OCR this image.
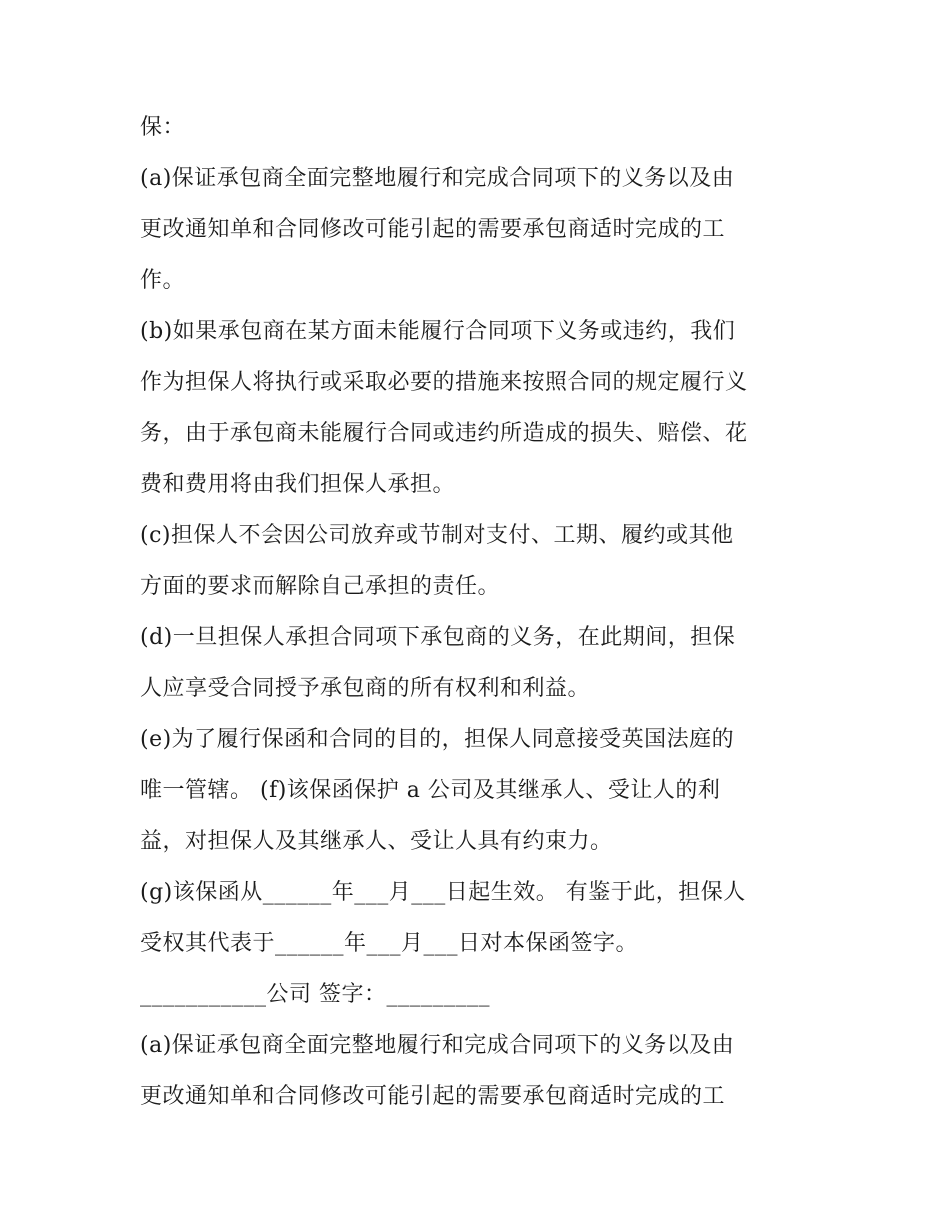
保：
(a)保证承包商全面完整地履行和完成合同项下的义务以及由
更改通知单和合同修改可能引起的需要承包商适时完成的工
作。
(b)如果承包商在某方面未能履行合同项下义务或违约，我们
作为担保人将执行或采取必要的措施来按照合同的规定履行义
务，由于承包商未能履行合同或违约所造成的损失、赔偿、花
费和费用将由我们担保人承担。
(c)担保人不会因公司放弃或节制对支付、工期、履约或其他
方面的要求而解除自己承担的责任。
(d)一旦担保人承担合同项下承包商的义务，在此期间，担保
人应享受合同授予承包商的所有权利和利益。
(e)为了履行保函和合同的目的，担保人同意接受英国法庭的
唯一管辖。 (f)该保函保护 a 公司及其继承人、受让人的利
益，对担保人及其继承人、受让人具有约束力。
(g)该保函从______年___月___日起生效。 有鉴于此，担保人
受权其代表于______年___月___日对本保函签字。
___________公司 签字：_________
(a)保证承包商全面完整地履行和完成合同项下的义务以及由
更改通知单和合同修改可能引起的需要承包商适时完成的工
